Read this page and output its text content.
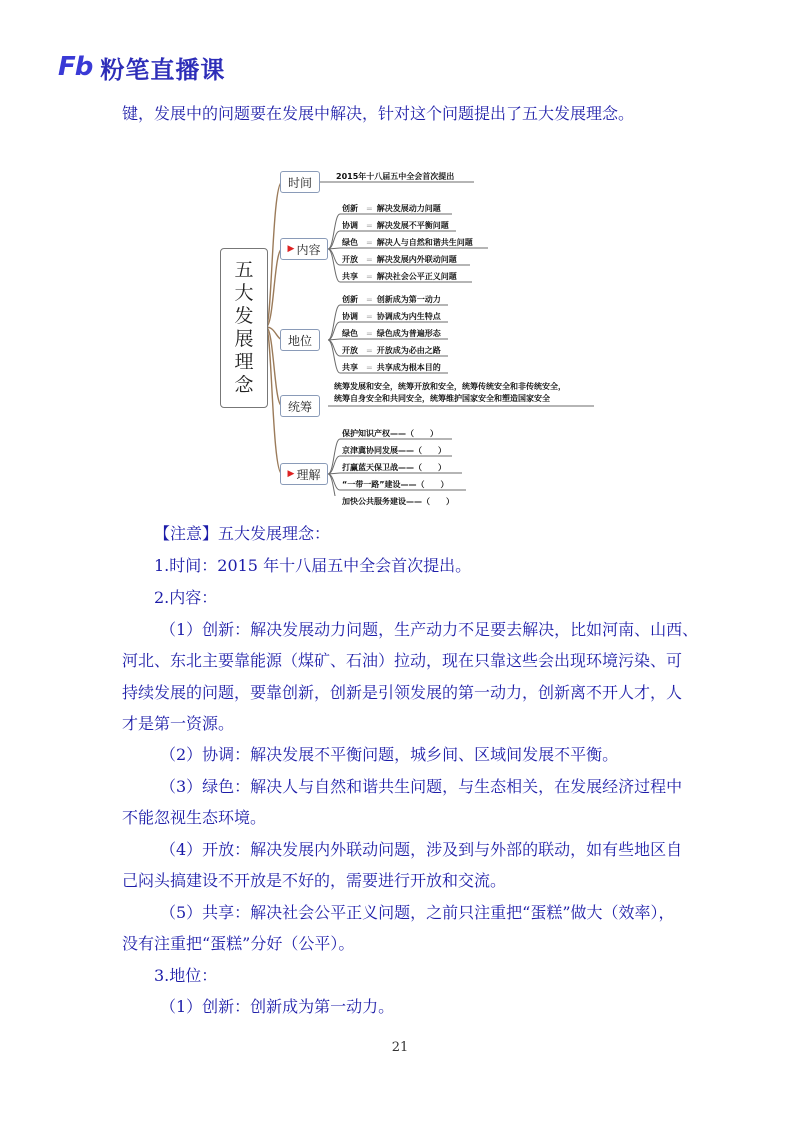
Fb 粉笔直播课
键，发展中的问题要在发展中解决，针对这个问题提出了五大发展理念。
五
大
发
展
理
念
时间	2015年十八届五中全会首次提出
▶ 内容
创新 = 解决发展动力问题
协调 = 解决发展不平衡问题
绿色 = 解决人与自然和谐共生问题
开放 = 解决发展内外联动问题
共享 = 解决社会公平正义问题
地位
创新 = 创新成为第一动力
协调 = 协调成为内生特点
绿色 = 绿色成为普遍形态
开放 = 开放成为必由之路
共享 = 共享成为根本目的
统筹
统筹发展和安全，统筹开放和安全，统筹传统安全和非传统安全，
统筹自身安全和共同安全，统筹维护国家安全和塑造国家安全
▶ 理解
保护知识产权——（　　）
京津冀协同发展——（　　）
打赢蓝天保卫战——（　　）
“一带一路”建设——（　　）
加快公共服务建设——（　　）
【注意】五大发展理念：
1.时间：2015 年十八届五中全会首次提出。
2.内容：
（1）创新：解决发展动力问题，生产动力不足要去解决，比如河南、山西、
河北、东北主要靠能源（煤矿、石油）拉动，现在只靠这些会出现环境污染、可
持续发展的问题，要靠创新，创新是引领发展的第一动力，创新离不开人才，人
才是第一资源。
（2）协调：解决发展不平衡问题，城乡间、区域间发展不平衡。
（3）绿色：解决人与自然和谐共生问题，与生态相关，在发展经济过程中
不能忽视生态环境。
（4）开放：解决发展内外联动问题，涉及到与外部的联动，如有些地区自
己闷头搞建设不开放是不好的，需要进行开放和交流。
（5）共享：解决社会公平正义问题，之前只注重把“蛋糕”做大（效率），
没有注重把“蛋糕”分好（公平）。
3.地位：
（1）创新：创新成为第一动力。
21
